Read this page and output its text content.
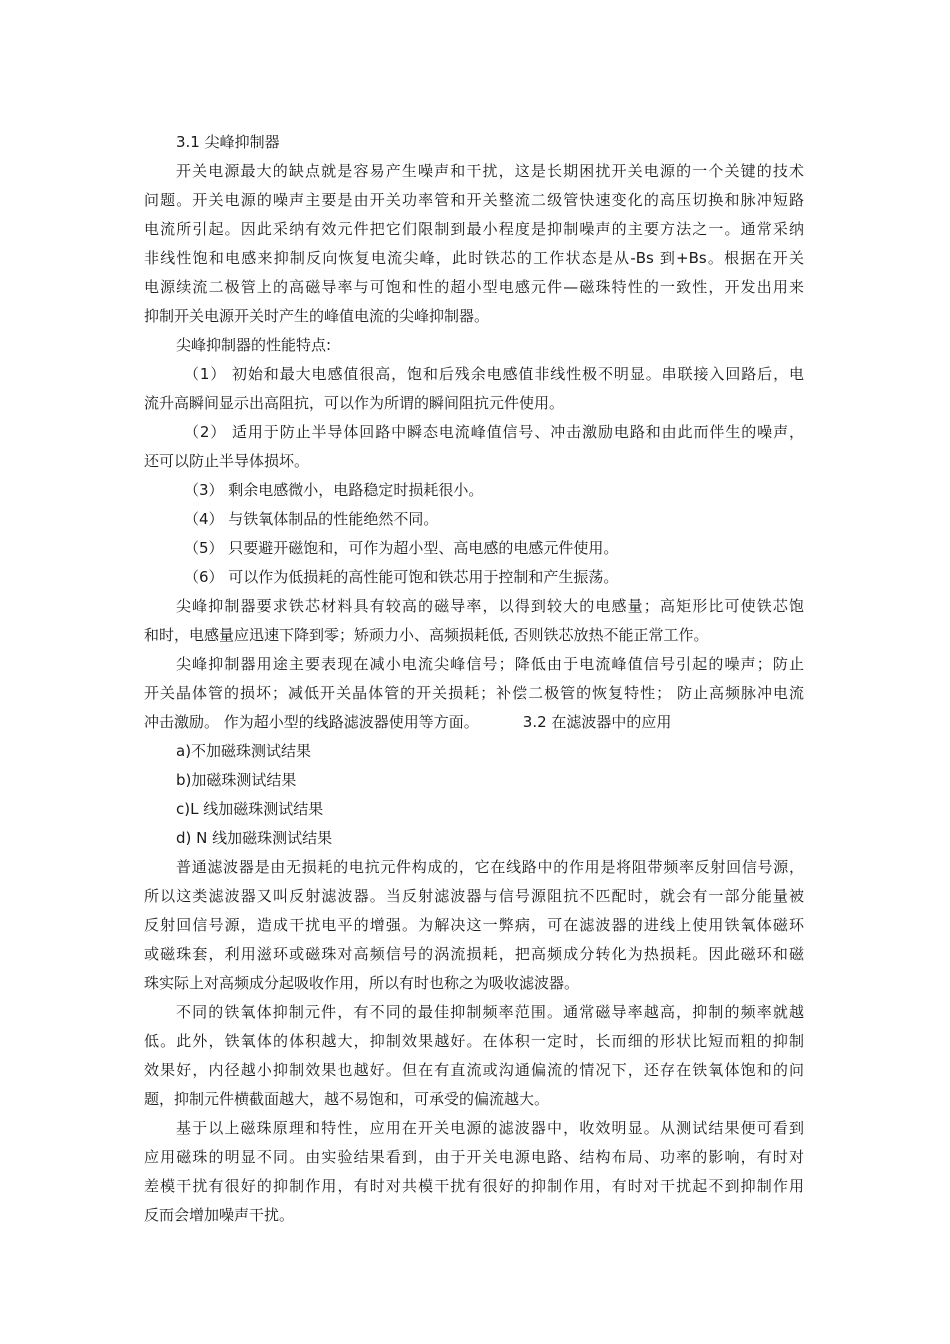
3.1 尖峰抑制器
开关电源最大的缺点就是容易产生噪声和干扰，这是长期困扰开关电源的一个关键的技术
问题。开关电源的噪声主要是由开关功率管和开关整流二级管快速变化的高压切换和脉冲短路
电流所引起。因此采纳有效元件把它们限制到最小程度是抑制噪声的主要方法之一。通常采纳
非线性饱和电感来抑制反向恢复电流尖峰，此时铁芯的工作状态是从-Bs 到+Bs。根据在开关
电源续流二极管上的高磁导率与可饱和性的超小型电感元件—磁珠特性的一致性，开发出用来
抑制开关电源开关时产生的峰值电流的尖峰抑制器。
尖峰抑制器的性能特点:
（1） 初始和最大电感值很高，饱和后残余电感值非线性极不明显。串联接入回路后，电
流升高瞬间显示出高阻抗，可以作为所谓的瞬间阻抗元件使用。
（2） 适用于防止半导体回路中瞬态电流峰值信号、冲击激励电路和由此而伴生的噪声，
还可以防止半导体损坏。
（3） 剩余电感微小，电路稳定时损耗很小。
（4） 与铁氧体制品的性能绝然不同。
（5） 只要避开磁饱和，可作为超小型、高电感的电感元件使用。
（6） 可以作为低损耗的高性能可饱和铁芯用于控制和产生振荡。
尖峰抑制器要求铁芯材料具有较高的磁导率，以得到较大的电感量；高矩形比可使铁芯饱
和时，电感量应迅速下降到零；矫顽力小、高频损耗低, 否则铁芯放热不能正常工作。
尖峰抑制器用途主要表现在减小电流尖峰信号；降低由于电流峰值信号引起的噪声；防止
开关晶体管的损坏；减低开关晶体管的开关损耗；补偿二极管的恢复特性； 防止高频脉冲电流
冲击激励。 作为超小型的线路滤波器使用等方面。	3.2 在滤波器中的应用
a)不加磁珠测试结果
b)加磁珠测试结果
c)L 线加磁珠测试结果
d) N 线加磁珠测试结果
普通滤波器是由无损耗的电抗元件构成的，它在线路中的作用是将阻带频率反射回信号源，
所以这类滤波器又叫反射滤波器。当反射滤波器与信号源阻抗不匹配时，就会有一部分能量被
反射回信号源，造成干扰电平的增强。为解决这一弊病，可在滤波器的进线上使用铁氧体磁环
或磁珠套，利用滋环或磁珠对高频信号的涡流损耗，把高频成分转化为热损耗。因此磁环和磁
珠实际上对高频成分起吸收作用，所以有时也称之为吸收滤波器。
不同的铁氧体抑制元件，有不同的最佳抑制频率范围。通常磁导率越高，抑制的频率就越
低。此外，铁氧体的体积越大，抑制效果越好。在体积一定时，长而细的形状比短而粗的抑制
效果好，内径越小抑制效果也越好。但在有直流或沟通偏流的情况下，还存在铁氧体饱和的问
题，抑制元件横截面越大，越不易饱和，可承受的偏流越大。
基于以上磁珠原理和特性，应用在开关电源的滤波器中，收效明显。从测试结果便可看到
应用磁珠的明显不同。由实验结果看到，由于开关电源电路、结构布局、功率的影响，有时对
差模干扰有很好的抑制作用，有时对共模干扰有很好的抑制作用，有时对干扰起不到抑制作用
反而会增加噪声干扰。
